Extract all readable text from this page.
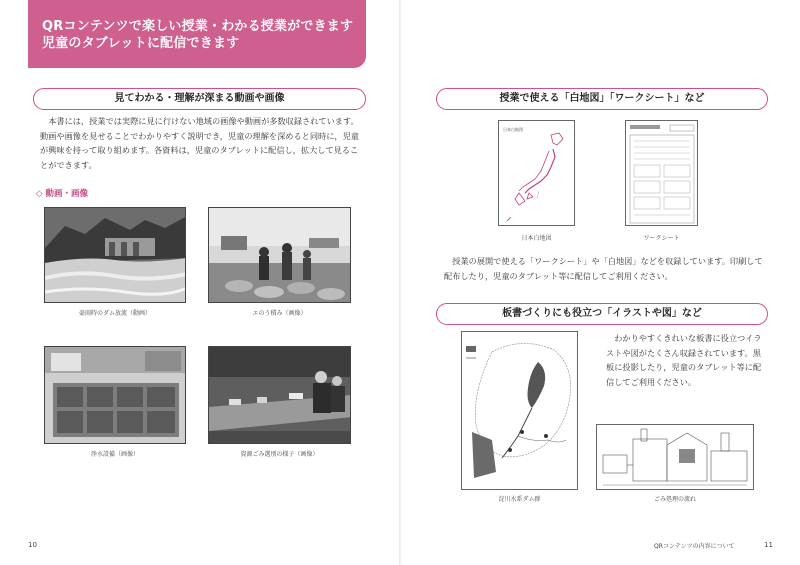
QRコンテンツで楽しい授業・わかる授業ができます
児童のタブレットに配信できます
見てわかる・理解が深まる動画や画像

本書には，授業では実際に見に行けない地域の画像や動画が多数収録されています。動画や画像を見せることでわかりやすく説明でき，児童の理解を深めると同時に，児童が興味を持って取り組めます。各資料は，児童のタブレットに配信し，拡大して見ることができます。

◇ 動画・画像
豪雨時のダム放流（動画）	エのう積み（画像）
浄水設備（画像）	資源ごみ選別の様子（画像）
授業で使える「白地図」「ワークシート」など
日本白地図
日本白地図	ワークシート

授業の展開で使える「ワークシート」や「白地図」などを収録しています。印刷して配布したり，児童のタブレット等に配信してご利用ください。

板書づくりにも役立つ「イラストや図」など
淀川水系ダム群

わかりやすくきれいな板書に役立つイラストや図がたくさん収録されています。黒板に投影したり，児童のタブレット等に配信してご利用ください。

ごみ処理の流れ
10	QRコンテンツの内容について	11
